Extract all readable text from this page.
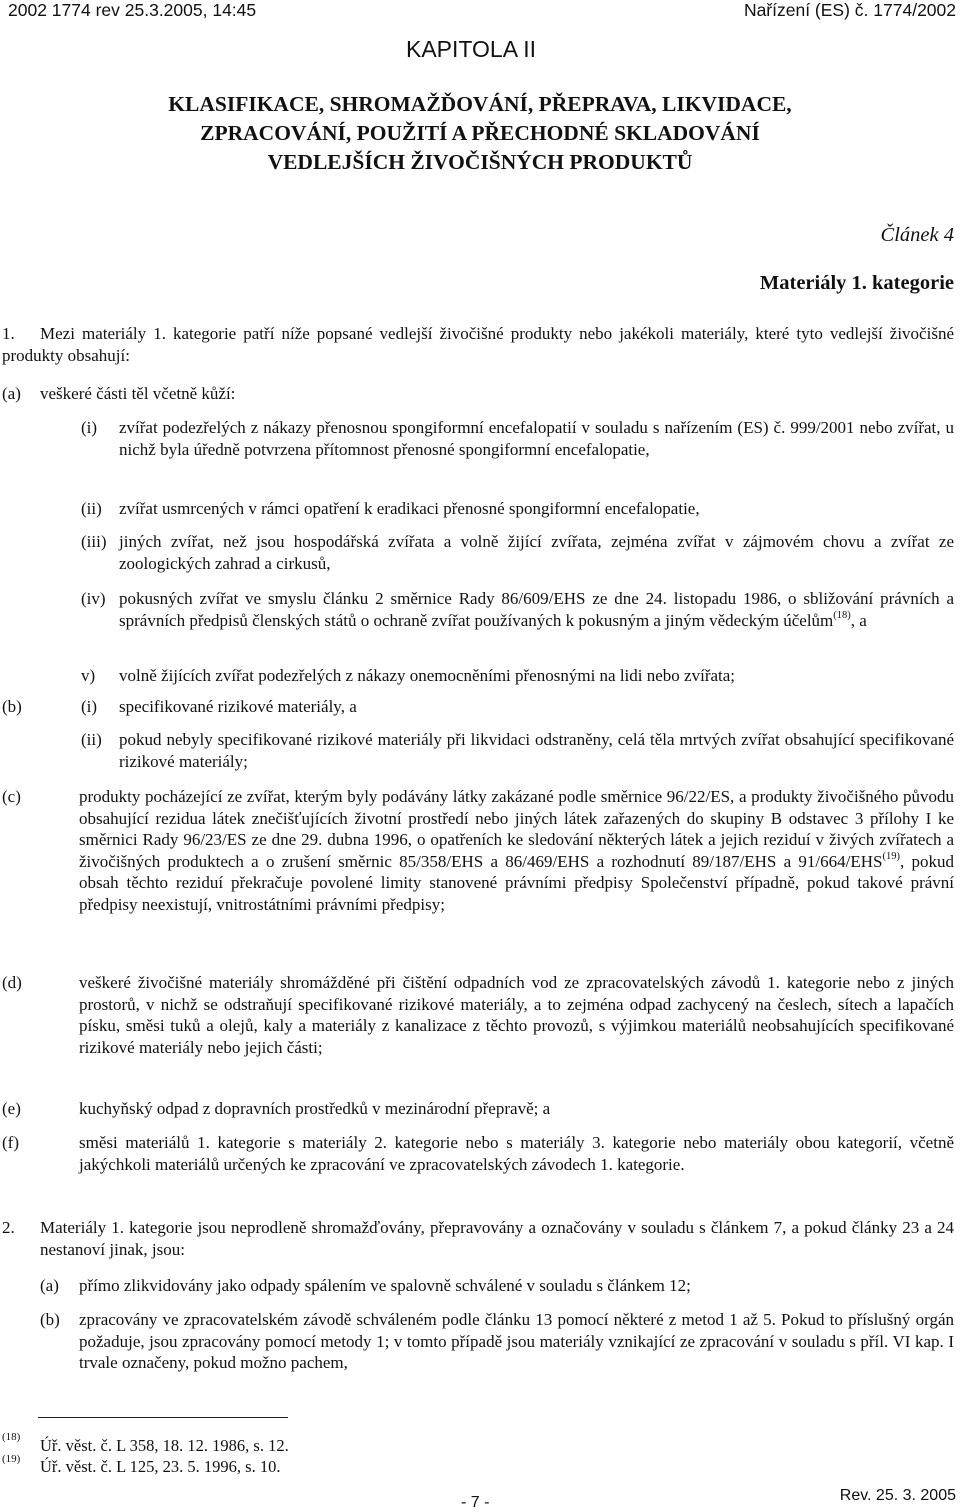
2002 1774 rev 25.3.2005, 14:45	Nařízení (ES) č. 1774/2002
KAPITOLA II
KLASIFIKACE, SHROMAŽĎOVÁNÍ, PŘEPRAVA, LIKVIDACE,
ZPRACOVÁNÍ, POUŽITÍ A PŘECHODNÉ SKLADOVÁNÍ
VEDLEJŠÍCH ŽIVOČIŠNÝCH PRODUKTŮ
Článek 4
Materiály 1. kategorie
1.	Mezi materiály 1. kategorie patří níže popsané vedlejší živočišné produkty nebo jakékoli materiály, které tyto vedlejší živočišné produkty obsahují:
(a) veškeré části těl včetně kůží:
(i) zvířat podezřelých z nákazy přenosnou spongiformní encefalopatií v souladu s nařízením (ES) č. 999/2001 nebo zvířat, u nichž byla úředně potvrzena přítomnost přenosné spongiformní encefalopatie,
(ii) zvířat usmrcených v rámci opatření k eradikaci přenosné spongiformní encefalopatie,
(iii) jiných zvířat, než jsou hospodářská zvířata a volně žijící zvířata, zejména zvířat v zájmovém chovu a zvířat ze zoologických zahrad a cirkusů,
(iv) pokusných zvířat ve smyslu článku 2 směrnice Rady 86/609/EHS ze dne 24. listopadu 1986, o sbližování právních a správních předpisů členských států o ochraně zvířat používaných k pokusným a jiným vědeckým účelům$^{(18)}$, a
v) volně žijících zvířat podezřelých z nákazy onemocněními přenosnými na lidi nebo zvířata;
(b)	(i) specifikované rizikové materiály, a
(ii) pokud nebyly specifikované rizikové materiály při likvidaci odstraněny, celá těla mrtvých zvířat obsahující specifikované rizikové materiály;
(c)	produkty pocházející ze zvířat, kterým byly podávány látky zakázané podle směrnice 96/22/ES, a produkty živočišného původu obsahující rezidua látek znečišťujících životní prostředí nebo jiných látek zařazených do skupiny B odstavec 3 přílohy I ke směrnici Rady 96/23/ES ze dne 29. dubna 1996, o opatřeních ke sledování některých látek a jejich reziduí v živých zvířatech a živočišných produktech a o zrušení směrnic 85/358/EHS a 86/469/EHS a rozhodnutí 89/187/EHS a 91/664/EHS$^{(19)}$, pokud obsah těchto reziduí překračuje povolené limity stanovené právními předpisy Společenství případně, pokud takové právní předpisy neexistují, vnitrostátními právními předpisy;
(d)	veškeré živočišné materiály shromážděné při čištění odpadních vod ze zpracovatelských závodů 1. kategorie nebo z jiných prostorů, v nichž se odstraňují specifikované rizikové materiály, a to zejména odpad zachycený na česlech, sítech a lapačích písku, směsi tuků a olejů, kaly a materiály z kanalizace z těchto provozů, s výjimkou materiálů neobsahujících specifikované rizikové materiály nebo jejich části;
(e)	kuchyňský odpad z dopravních prostředků v mezinárodní přepravě; a
(f)	směsi materiálů 1. kategorie s materiály 2. kategorie nebo s materiály 3. kategorie nebo materiály obou kategorií, včetně jakýchkoli materiálů určených ke zpracování ve zpracovatelských závodech 1. kategorie.
2. Materiály 1. kategorie jsou neprodleně shromažďovány, přepravovány a označovány v souladu s článkem 7, a pokud články 23 a 24 nestanoví jinak, jsou:
(a) přímo zlikvidovány jako odpady spálením ve spalovně schválené v souladu s článkem 12;
(b) zpracovány ve zpracovatelském závodě schváleném podle článku 13 pomocí některé z metod 1 až 5. Pokud to příslušný orgán požaduje, jsou zpracovány pomocí metody 1; v tomto případě jsou materiály vznikající ze zpracování v souladu s příl. VI kap. I trvale označeny, pokud možno pachem,
(18) Úř. věst. č. L 358, 18. 12. 1986, s. 12.
(19) Úř. věst. č. L 125, 23. 5. 1996, s. 10.
- 7 -	Rev. 25. 3. 2005
